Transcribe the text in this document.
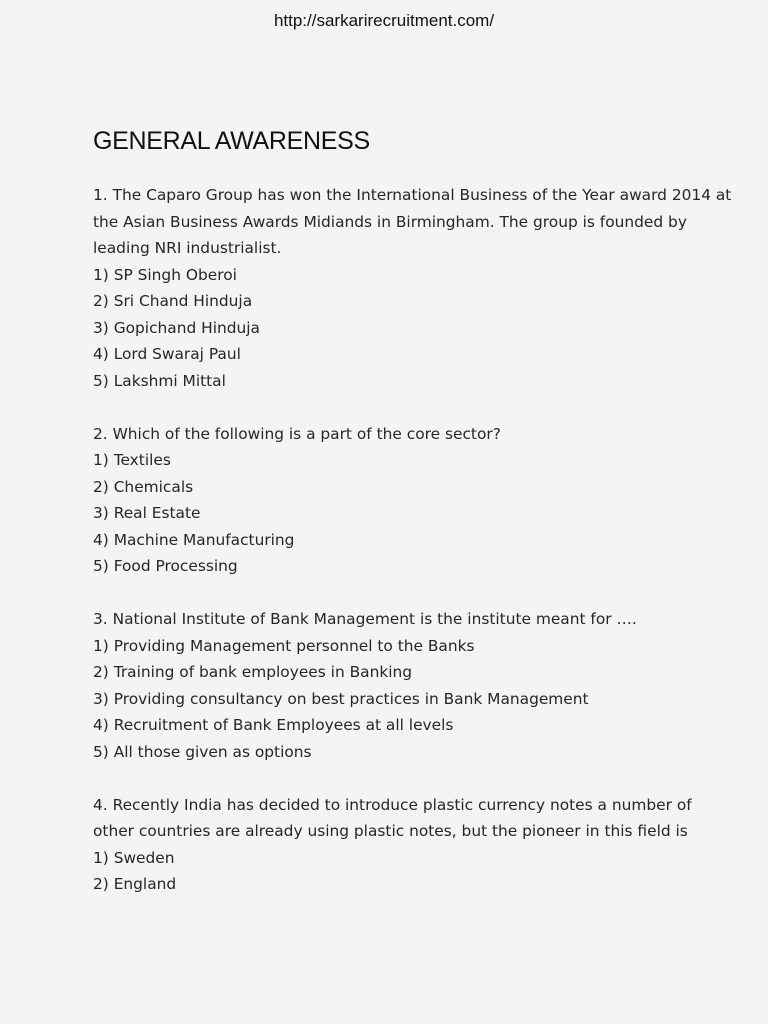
http://sarkarirecruitment.com/

GENERAL AWARENESS

1. The Caparo Group has won the International Business of the Year award 2014 at the Asian Business Awards Midiands in Birmingham. The group is founded by leading NRI industrialist.

1) SP Singh Oberoi

2) Sri Chand Hinduja

3) Gopichand Hinduja

4) Lord Swaraj Paul

5) Lakshmi Mittal

2. Which of the following is a part of the core sector?

1) Textiles

2) Chemicals

3) Real Estate

4) Machine Manufacturing

5) Food Processing

3. National Institute of Bank Management is the institute meant for ….

1) Providing Management personnel to the Banks

2) Training of bank employees in Banking

3) Providing consultancy on best practices in Bank Management

4) Recruitment of Bank Employees at all levels

5) All those given as options

4. Recently India has decided to introduce plastic currency notes a number of other countries are already using plastic notes, but the pioneer in this field is

1) Sweden

2) England
